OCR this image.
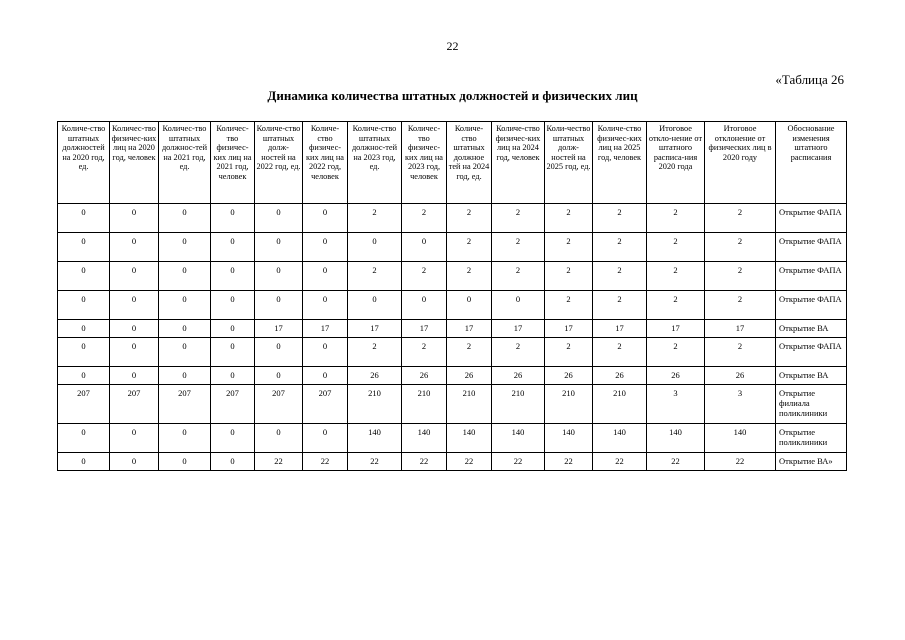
22
«Таблица 26
Динамика количества штатных должностей и физических лиц
Количе-ство штатных должностей на 2020 год, ед.	Количес-тво физичес-ких лиц на 2020 год, человек	Количес-тво штатных должнос-тей на 2021 год, ед.	Количес-тво физичес-ких лиц на 2021 год, человек	Количе-ство штатных долж-ностей на 2022 год, ед.	Количе-ство физичес-ких лиц на 2022 год, человек	Количе-ство штатных должнос-тей на 2023 год, ед.	Количес-тво физичес-ких лиц на 2023 год, человек	Количе-ство штатных должное тей на 2024 год, ед.	Количе-ство физичес-ких лиц на 2024 год, человек	Коли-чество штатных долж-ностей на 2025 год, ед.	Количе-ство физичес-ких лиц на 2025 год, человек	Итоговое откло-нение от штатного расписа-ния 2020 года	Итоговое отклонение от физических лиц в 2020 году	Обоснование изменения штатного расписания
0	0	0	0	0	0	2	2	2	2	2	2	2	2	Открытие ФАПА
0	0	0	0	0	0	0	0	2	2	2	2	2	2	Открытие ФАПА
0	0	0	0	0	0	2	2	2	2	2	2	2	2	Открытие ФАПА
0	0	0	0	0	0	0	0	0	0	2	2	2	2	Открытие ФАПА
0	0	0	0	17	17	17	17	17	17	17	17	17	17	Открытие ВА
0	0	0	0	0	0	2	2	2	2	2	2	2	2	Открытие ФАПА
0	0	0	0	0	0	26	26	26	26	26	26	26	26	Открытие ВА
207	207	207	207	207	207	210	210	210	210	210	210	3	3	Открытие филиала поликлиники
0	0	0	0	0	0	140	140	140	140	140	140	140	140	Открытие поликлиники
0	0	0	0	22	22	22	22	22	22	22	22	22	22	Открытие ВА»
